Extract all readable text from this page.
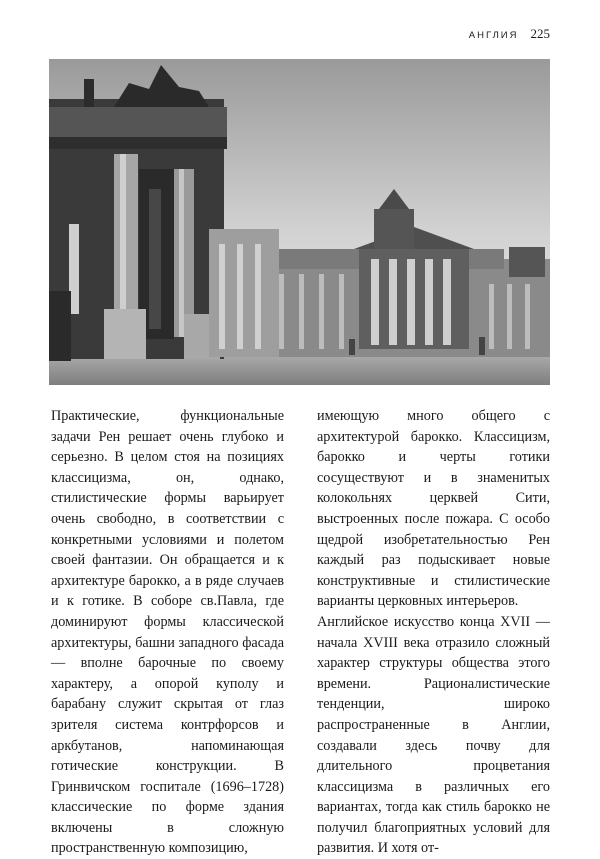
АНГЛИЯ 225

Практические, функциональные задачи Рен решает очень глубоко и серьезно. В целом стоя на позициях классицизма, он, однако, стилистические формы варьирует очень свободно, в соответствии с конкретными условиями и полетом своей фантазии. Он обращается и к архитектуре барокко, а в ряде случаев и к готике. В соборе св.Павла, где доминируют формы классической архитектуры, башни западного фасада — вполне барочные по своему характеру, а опорой куполу и барабану служит скрытая от глаз зрителя система контрфорсов и аркбутанов, напоминающая готические конструкции. В Гринвичском госпитале (1696–1728) классические по форме здания включены в сложную пространственную композицию,

имеющую много общего с архитектурой барокко. Классицизм, барокко и черты готики сосуществуют и в знаменитых колокольнях церквей Сити, выстроенных после пожара. С особо щедрой изобретательностью Рен каждый раз подыскивает новые конструктивные и стилистические варианты церковных интерьеров.

Английское искусство конца XVII — начала XVIII века отразило сложный характер структуры общества этого времени. Рационалистические тенденции, широко распространенные в Англии, создавали здесь почву для длительного процветания классицизма в различных его вариантах, тогда как стиль барокко не получил благоприятных условий для развития. И хотя от-
